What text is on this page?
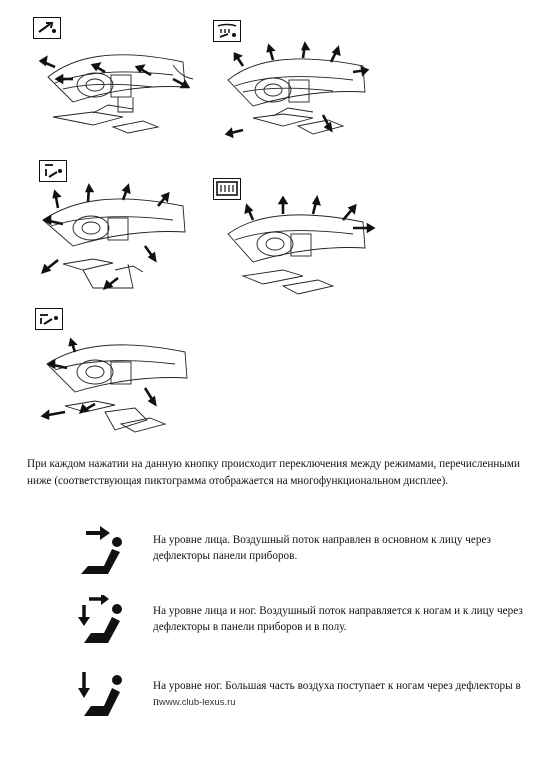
При каждом нажатии на данную кнопку происходит переключения между режимами, перечисленными ниже (соответствующая пиктограмма отображается на многофункциональном дисплее).

На уровне лица. Воздушный поток направлен в основном к лицу через дефлекторы панели приборов.

На уровне лица и ног. Воздушный поток направляется к ногам и к лицу через дефлекторы в панели приборов и в полу.

На уровне ног. Большая часть воздуха поступает к ногам через дефлекторы в пwww.club-lexus.ru
